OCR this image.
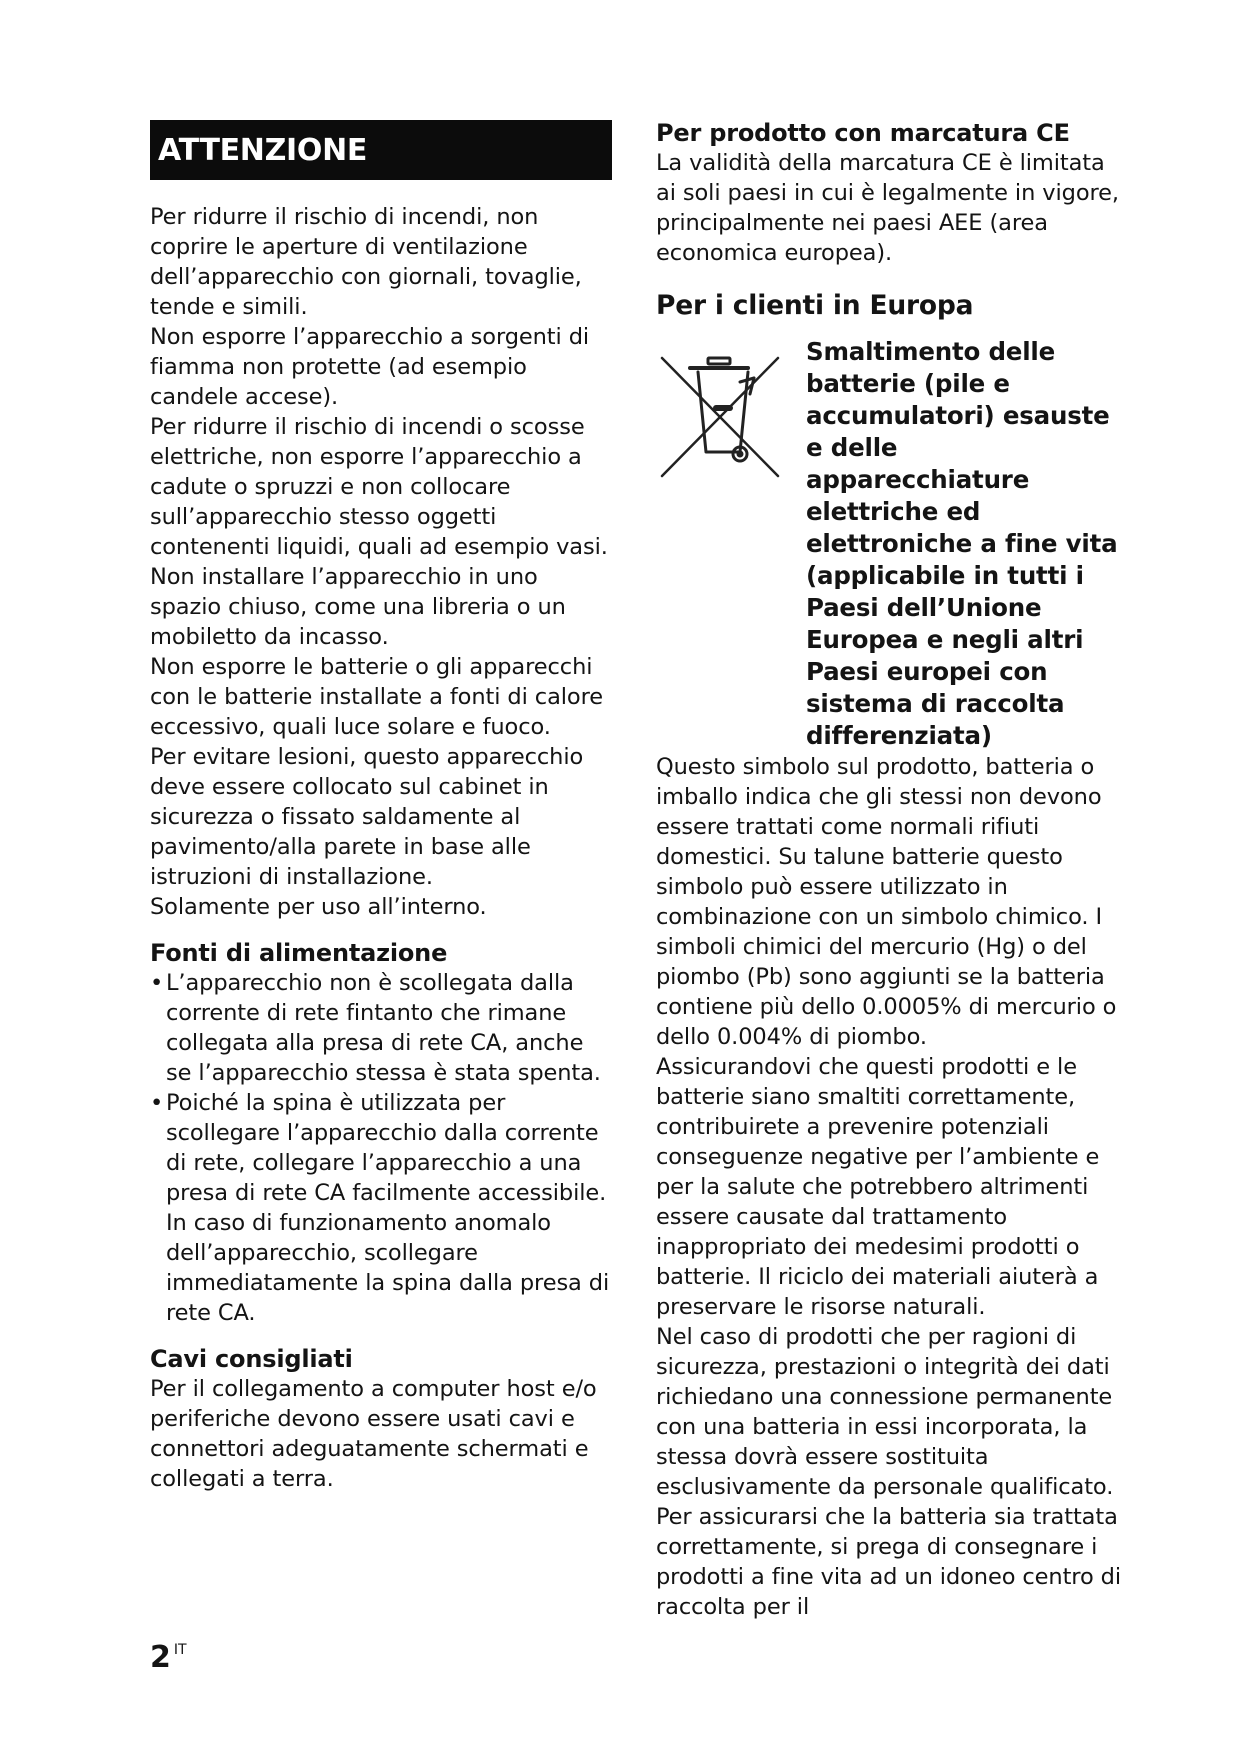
ATTENZIONE

Per ridurre il rischio di incendi, non coprire le aperture di ventilazione dell’apparecchio con giornali, tovaglie, tende e simili.

Non esporre l’apparecchio a sorgenti di fiamma non protette (ad esempio candele accese).

Per ridurre il rischio di incendi o scosse elettriche, non esporre l’apparecchio a cadute o spruzzi e non collocare sull’apparecchio stesso oggetti contenenti liquidi, quali ad esempio vasi.

Non installare l’apparecchio in uno spazio chiuso, come una libreria o un mobiletto da incasso.

Non esporre le batterie o gli apparecchi con le batterie installate a fonti di calore eccessivo, quali luce solare e fuoco.

Per evitare lesioni, questo apparecchio deve essere collocato sul cabinet in sicurezza o fissato saldamente al pavimento/alla parete in base alle istruzioni di installazione.

Solamente per uso all’interno.

Fonti di alimentazione
• L’apparecchio non è scollegata dalla corrente di rete fintanto che rimane collegata alla presa di rete CA, anche se l’apparecchio stessa è stata spenta.
• Poiché la spina è utilizzata per scollegare l’apparecchio dalla corrente di rete, collegare l’apparecchio a una presa di rete CA facilmente accessibile. In caso di funzionamento anomalo dell’apparecchio, scollegare immediatamente la spina dalla presa di rete CA.
Cavi consigliati

Per il collegamento a computer host e/o periferiche devono essere usati cavi e connettori adeguatamente schermati e collegati a terra.

Per prodotto con marcatura CE

La validità della marcatura CE è limitata ai soli paesi in cui è legalmente in vigore, principalmente nei paesi AEE (area economica europea).

Per i clienti in Europa
Smaltimento delle batterie (pile e accumulatori) esauste e delle apparecchiature elettriche ed elettroniche a fine vita (applicabile in tutti i Paesi dell’Unione Europea e negli altri Paesi europei con sistema di raccolta differenziata)

Questo simbolo sul prodotto, batteria o imballo indica che gli stessi non devono essere trattati come normali rifiuti domestici. Su talune batterie questo simbolo può essere utilizzato in combinazione con un simbolo chimico. I simboli chimici del mercurio (Hg) o del piombo (Pb) sono aggiunti se la batteria contiene più dello 0.0005% di mercurio o dello 0.004% di piombo.

Assicurandovi che questi prodotti e le batterie siano smaltiti correttamente, contribuirete a prevenire potenziali conseguenze negative per l’ambiente e per la salute che potrebbero altrimenti essere causate dal trattamento inappropriato dei medesimi prodotti o batterie. Il riciclo dei materiali aiuterà a preservare le risorse naturali.

Nel caso di prodotti che per ragioni di sicurezza, prestazioni o integrità dei dati richiedano una connessione permanente con una batteria in essi incorporata, la stessa dovrà essere sostituita esclusivamente da personale qualificato. Per assicurarsi che la batteria sia trattata correttamente, si prega di consegnare i prodotti a fine vita ad un idoneo centro di raccolta per il

2 $^{IT}$
